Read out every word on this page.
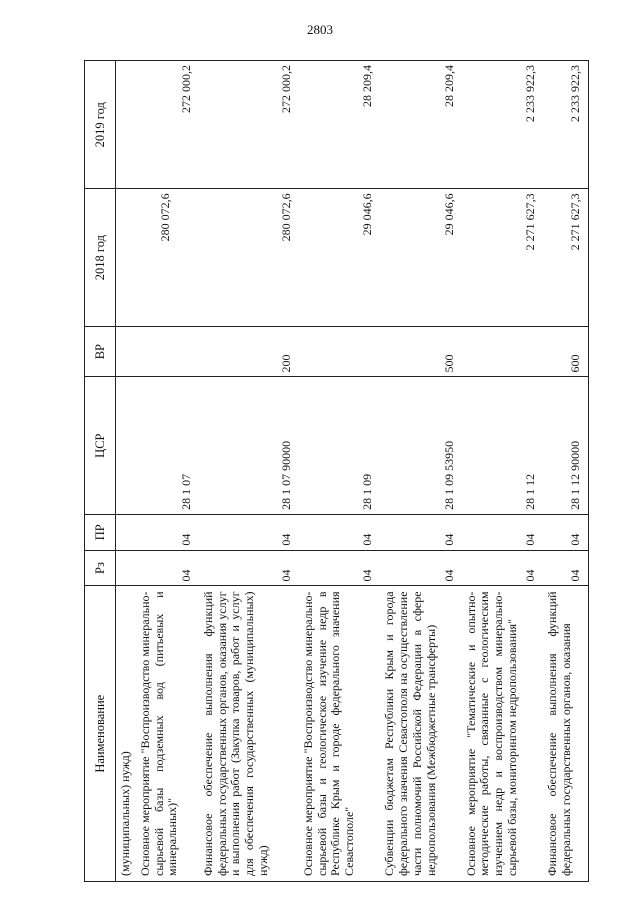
2803
Наименование	Рз	ПР	ЦСР	ВР	2018 год	2019 год
(муниципальных) нужд)						
Основное мероприятие "Воспроизводство минерально-сырьевой базы подземных вод (питьевых и минеральных)"	04	04	28 1 07		280 072,6	272 000,2
Финансовое обеспечение выполнения функций федеральных государственных органов, оказания услуг и выполнения работ (Закупка товаров, работ и услуг для обеспечения государственных (муниципальных) нужд)	04	04	28 1 07 90000	200	280 072,6	272 000,2
Основное мероприятие "Воспроизводство минерально-сырьевой базы и геологическое изучение недр в Республике Крым и городе федерального значения Севастополе"	04	04	28 1 09		29 046,6	28 209,4
Субвенции бюджетам Республики Крым и города федерального значения Севастополя на осуществление части полномочий Российской Федерации в сфере недропользования (Межбюджетные трансферты)	04	04	28 1 09 53950	500	29 046,6	28 209,4
Основное мероприятие "Тематические и опытно-методические работы, связанные с геологическим изучением недр и воспроизводством минерально-сырьевой базы, мониторингом недропользования"	04	04	28 1 12		2 271 627,3	2 233 922,3
Финансовое обеспечение выполнения функций федеральных государственных органов, оказания	04	04	28 1 12 90000	600	2 271 627,3	2 233 922,3
